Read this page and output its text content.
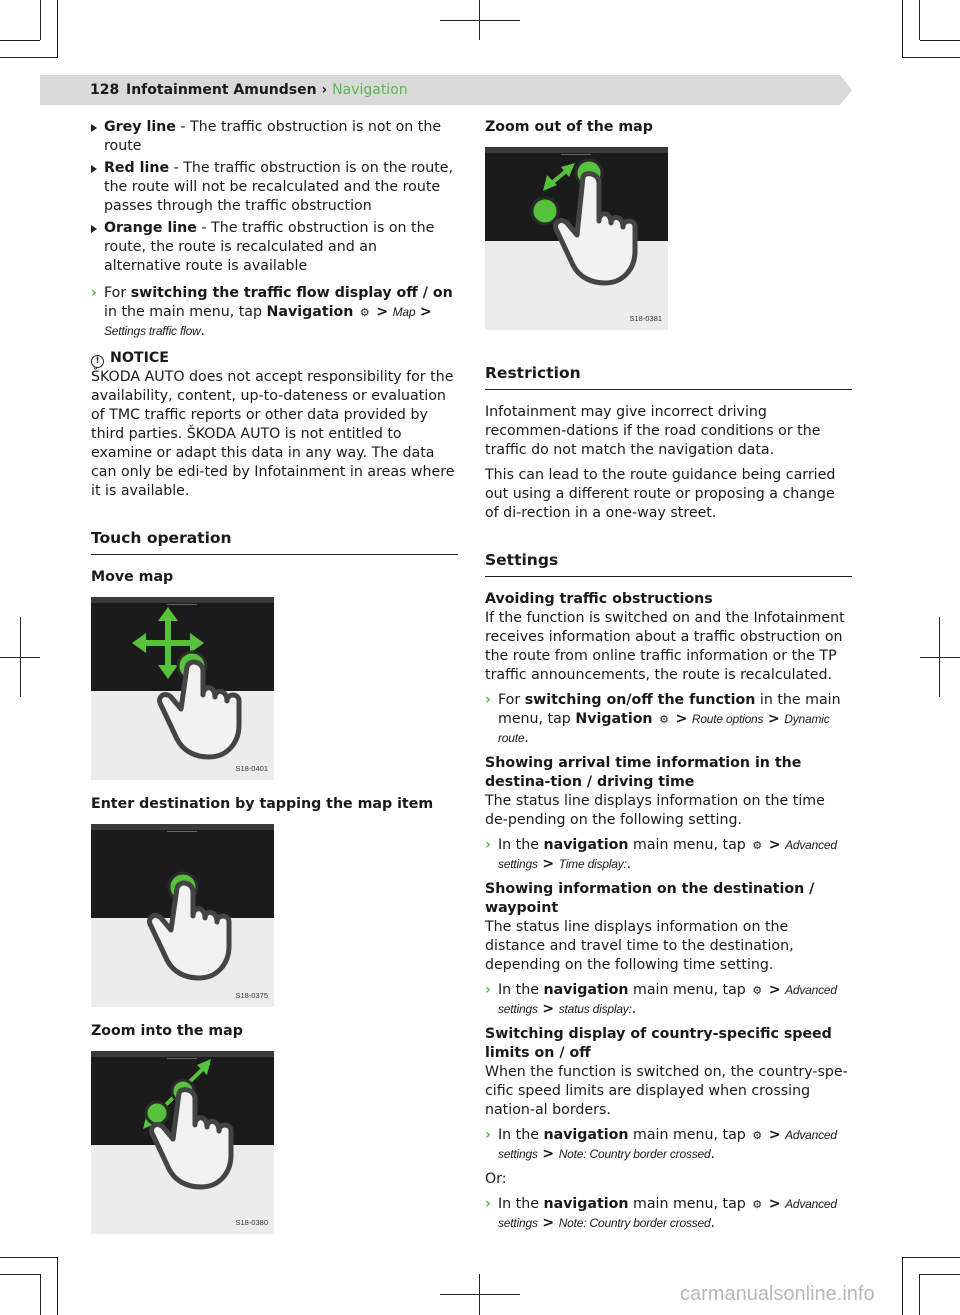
128 Infotainment Amundsen › Navigation
Grey line - The traffic obstruction is not on the route
Red line - The traffic obstruction is on the route, the route will not be recalculated and the route passes through the traffic obstruction
Orange line - The traffic obstruction is on the route, the route is recalculated and an alternative route is available
› For switching the traffic flow display off / on in the main menu, tap Navigation ⚙ > Map > Settings traffic flow.
! NOTICE

ŠKODA AUTO does not accept responsibility for the availability, content, up-to-dateness or evaluation of TMC traffic reports or other data provided by third parties. ŠKODA AUTO is not entitled to examine or adapt this data in any way. The data can only be edi-ted by Infotainment in areas where it is available.

Touch operation
Move map
S18-0401
Enter destination by tapping the map item
S18-0375
Zoom into the map
S18-0380
Zoom out of the map
S18-0381
Restriction

Infotainment may give incorrect driving recommen-dations if the road conditions or the traffic do not match the navigation data.

This can lead to the route guidance being carried out using a different route or proposing a change of di-rection in a one-way street.

Settings
Avoiding traffic obstructions

If the function is switched on and the Infotainment receives information about a traffic obstruction on the route from online traffic information or the TP traffic announcements, the route is recalculated.

› For switching on/off the function in the main menu, tap Nvigation ⚙ > Route options > Dynamic route.
Showing arrival time information in the destina-tion / driving time

The status line displays information on the time de-pending on the following setting.

› In the navigation main menu, tap ⚙ > Advanced settings > Time display:.
Showing information on the destination / waypoint

The status line displays information on the distance and travel time to the destination, depending on the following time setting.

› In the navigation main menu, tap ⚙ > Advanced settings > status display:.
Switching display of country-specific speed limits on / off

When the function is switched on, the country-spe-cific speed limits are displayed when crossing nation-al borders.

› In the navigation main menu, tap ⚙ > Advanced settings > Note: Country border crossed.

Or:

› In the navigation main menu, tap ⚙ > Advanced settings > Note: Country border crossed.
carmanualsonline.info
